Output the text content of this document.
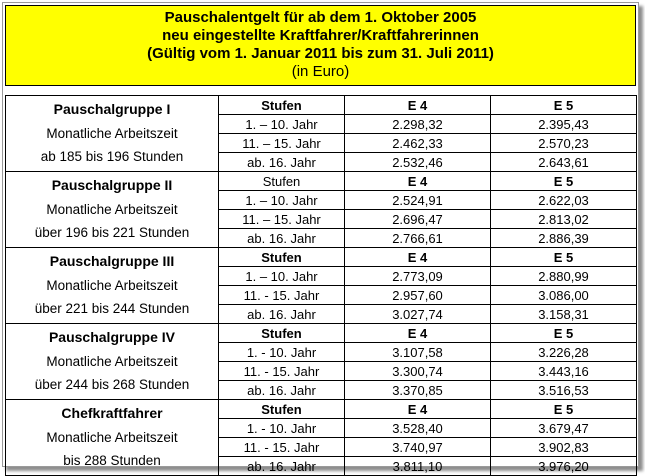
Pauschalentgelt für ab dem 1. Oktober 2005
neu eingestellte Kraftfahrer/Kraftfahrerinnen
(Gültig vom 1. Januar 2011 bis zum 31. Juli 2011)
(in Euro)
Pauschalgruppe I
Monatliche Arbeitszeit
ab 185 bis 196 Stunden	Stufen	E 4	E 5
	1. – 10. Jahr	2.298,32	2.395,43
	11. – 15. Jahr	2.462,33	2.570,23
	ab. 16. Jahr	2.532,46	2.643,61

Pauschalgruppe II
Monatliche Arbeitszeit
über 196 bis 221 Stunden	Stufen	E 4	E 5
	1. – 10. Jahr	2.524,91	2.622,03
	11. – 15. Jahr	2.696,47	2.813,02
	ab. 16. Jahr	2.766,61	2.886,39

Pauschalgruppe III
Monatliche Arbeitszeit
über 221 bis 244 Stunden	Stufen	E 4	E 5
	1. – 10. Jahr	2.773,09	2.880,99
	11. - 15. Jahr	2.957,60	3.086,00
	ab. 16. Jahr	3.027,74	3.158,31

Pauschalgruppe IV
Monatliche Arbeitszeit
über 244 bis 268 Stunden	Stufen	E 4	E 5
	1. - 10. Jahr	3.107,58	3.226,28
	11. - 15. Jahr	3.300,74	3.443,16
	ab. 16. Jahr	3.370,85	3.516,53

Chefkraftfahrer
Monatliche Arbeitszeit
bis 288 Stunden	Stufen	E 4	E 5
	1. - 10. Jahr	3.528,40	3.679,47
	11. - 15. Jahr	3.740,97	3.902,83
	ab. 16. Jahr	3.811,10	3.976,20
